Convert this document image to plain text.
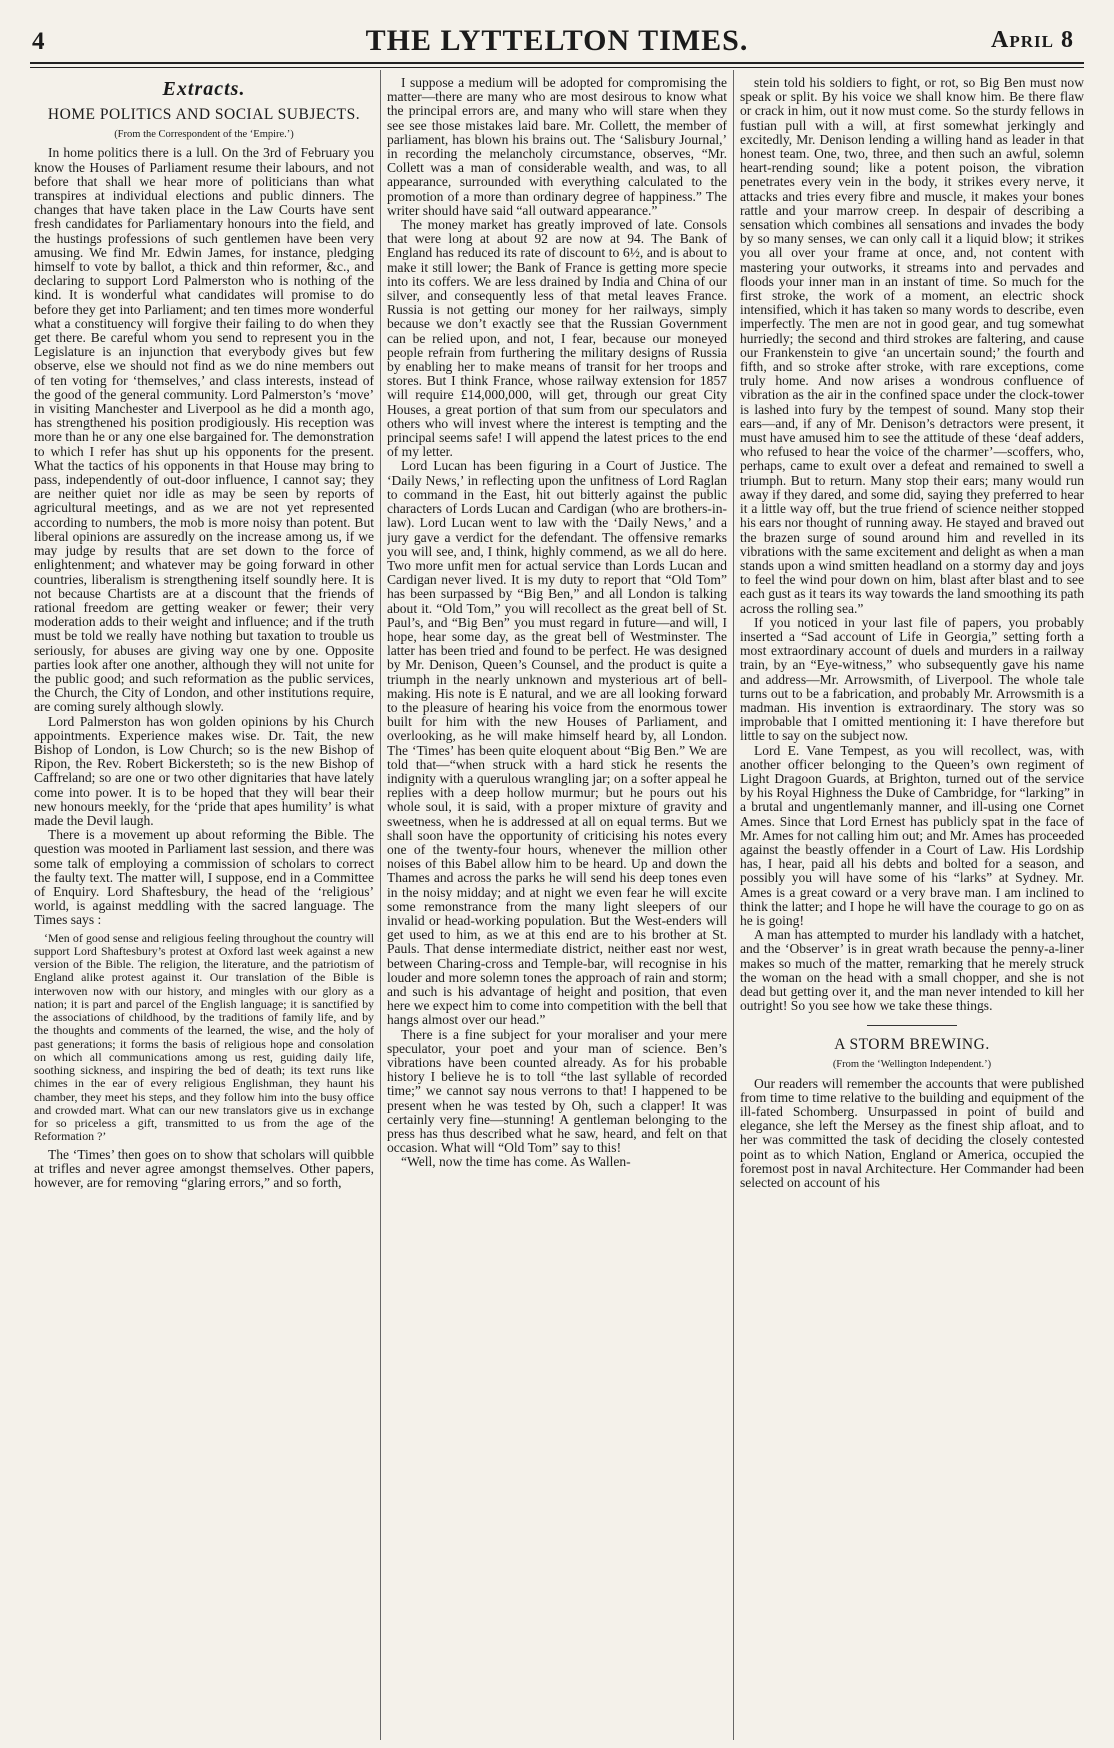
4	THE LYTTELTON TIMES.	April 8
Extracts.

HOME POLITICS AND SOCIAL SUBJECTS.

(From the Correspondent of the ‘Empire.’)

In home politics there is a lull. On the 3rd of February you know the Houses of Parliament resume their labours, and not before that shall we hear more of politicians than what transpires at individual elections and public dinners. The changes that have taken place in the Law Courts have sent fresh candidates for Parliamentary honours into the field, and the hustings professions of such gentlemen have been very amusing. We find Mr. Edwin James, for instance, pledging himself to vote by ballot, a thick and thin reformer, &c., and declaring to support Lord Palmerston who is nothing of the kind. It is wonderful what candidates will promise to do before they get into Parliament; and ten times more wonderful what a constituency will forgive their failing to do when they get there. Be careful whom you send to represent you in the Legislature is an injunction that everybody gives but few observe, else we should not find as we do nine members out of ten voting for ‘themselves,’ and class interests, instead of the good of the general community. Lord Palmerston’s ‘move’ in visiting Manchester and Liverpool as he did a month ago, has strengthened his position prodigiously. His reception was more than he or any one else bargained for. The demonstration to which I refer has shut up his opponents for the present. What the tactics of his opponents in that House may bring to pass, independently of out-door influence, I cannot say; they are neither quiet nor idle as may be seen by reports of agricultural meetings, and as we are not yet represented according to numbers, the mob is more noisy than potent. But liberal opinions are assuredly on the increase among us, if we may judge by results that are set down to the force of enlightenment; and whatever may be going forward in other countries, liberalism is strengthening itself soundly here. It is not because Chartists are at a discount that the friends of rational freedom are getting weaker or fewer; their very moderation adds to their weight and influence; and if the truth must be told we really have nothing but taxation to trouble us seriously, for abuses are giving way one by one. Opposite parties look after one another, although they will not unite for the public good; and such reformation as the public services, the Church, the City of London, and other institutions require, are coming surely although slowly.

Lord Palmerston has won golden opinions by his Church appointments. Experience makes wise. Dr. Tait, the new Bishop of London, is Low Church; so is the new Bishop of Ripon, the Rev. Robert Bickersteth; so is the new Bishop of Caffreland; so are one or two other dignitaries that have lately come into power. It is to be hoped that they will bear their new honours meekly, for the ‘pride that apes humility’ is what made the Devil laugh.

There is a movement up about reforming the Bible. The question was mooted in Parliament last session, and there was some talk of employing a commission of scholars to correct the faulty text. The matter will, I suppose, end in a Committee of Enquiry. Lord Shaftesbury, the head of the ‘religious’ world, is against meddling with the sacred language. The Times says :

‘Men of good sense and religious feeling throughout the country will support Lord Shaftesbury’s protest at Oxford last week against a new version of the Bible. The religion, the literature, and the patriotism of England alike protest against it. Our translation of the Bible is interwoven now with our history, and mingles with our glory as a nation; it is part and parcel of the English language; it is sanctified by the associations of childhood, by the traditions of family life, and by the thoughts and comments of the learned, the wise, and the holy of past generations; it forms the basis of religious hope and consolation on which all communications among us rest, guiding daily life, soothing sickness, and inspiring the bed of death; its text runs like chimes in the ear of every religious Englishman, they haunt his chamber, they meet his steps, and they follow him into the busy office and crowded mart. What can our new translators give us in exchange for so priceless a gift, transmitted to us from the age of the Reformation ?’

The ‘Times’ then goes on to show that scholars will quibble at trifles and never agree amongst themselves. Other papers, however, are for removing “glaring errors,” and so forth,

I suppose a medium will be adopted for compromising the matter—there are many who are most desirous to know what the principal errors are, and many who will stare when they see see those mistakes laid bare. Mr. Collett, the member of parliament, has blown his brains out. The ‘Salisbury Journal,’ in recording the melancholy circumstance, observes, “Mr. Collett was a man of considerable wealth, and was, to all appearance, surrounded with everything calculated to the promotion of a more than ordinary degree of happiness.” The writer should have said “all outward appearance.”

The money market has greatly improved of late. Consols that were long at about 92 are now at 94. The Bank of England has reduced its rate of discount to 6½, and is about to make it still lower; the Bank of France is getting more specie into its coffers. We are less drained by India and China of our silver, and consequently less of that metal leaves France. Russia is not getting our money for her railways, simply because we don’t exactly see that the Russian Government can be relied upon, and not, I fear, because our moneyed people refrain from furthering the military designs of Russia by enabling her to make means of transit for her troops and stores. But I think France, whose railway extension for 1857 will require £14,000,000, will get, through our great City Houses, a great portion of that sum from our speculators and others who will invest where the interest is tempting and the principal seems safe! I will append the latest prices to the end of my letter.

Lord Lucan has been figuring in a Court of Justice. The ‘Daily News,’ in reflecting upon the unfitness of Lord Raglan to command in the East, hit out bitterly against the public characters of Lords Lucan and Cardigan (who are brothers-in-law). Lord Lucan went to law with the ‘Daily News,’ and a jury gave a verdict for the defendant. The offensive remarks you will see, and, I think, highly commend, as we all do here. Two more unfit men for actual service than Lords Lucan and Cardigan never lived. It is my duty to report that “Old Tom” has been surpassed by “Big Ben,” and all London is talking about it. “Old Tom,” you will recollect as the great bell of St. Paul’s, and “Big Ben” you must regard in future—and will, I hope, hear some day, as the great bell of Westminster. The latter has been tried and found to be perfect. He was designed by Mr. Denison, Queen’s Counsel, and the product is quite a triumph in the nearly unknown and mysterious art of bell-making. His note is E natural, and we are all looking forward to the pleasure of hearing his voice from the enormous tower built for him with the new Houses of Parliament, and overlooking, as he will make himself heard by, all London. The ‘Times’ has been quite eloquent about “Big Ben.” We are told that—“when struck with a hard stick he resents the indignity with a querulous wrangling jar; on a softer appeal he replies with a deep hollow murmur; but he pours out his whole soul, it is said, with a proper mixture of gravity and sweetness, when he is addressed at all on equal terms. But we shall soon have the opportunity of criticising his notes every one of the twenty-four hours, whenever the million other noises of this Babel allow him to be heard. Up and down the Thames and across the parks he will send his deep tones even in the noisy midday; and at night we even fear he will excite some remonstrance from the many light sleepers of our invalid or head-working population. But the West-enders will get used to him, as we at this end are to his brother at St. Pauls. That dense intermediate district, neither east nor west, between Charing-cross and Temple-bar, will recognise in his louder and more solemn tones the approach of rain and storm; and such is his advantage of height and position, that even here we expect him to come into competition with the bell that hangs almost over our head.”

There is a fine subject for your moraliser and your mere speculator, your poet and your man of science. Ben’s vibrations have been counted already. As for his probable history I believe he is to toll “the last syllable of recorded time;” we cannot say nous verrons to that! I happened to be present when he was tested by Oh, such a clapper! It was certainly very fine—stunning! A gentleman belonging to the press has thus described what he saw, heard, and felt on that occasion. What will “Old Tom” say to this!

“Well, now the time has come. As Wallen-

stein told his soldiers to fight, or rot, so Big Ben must now speak or split. By his voice we shall know him. Be there flaw or crack in him, out it now must come. So the sturdy fellows in fustian pull with a will, at first somewhat jerkingly and excitedly, Mr. Denison lending a willing hand as leader in that honest team. One, two, three, and then such an awful, solemn heart-rending sound; like a potent poison, the vibration penetrates every vein in the body, it strikes every nerve, it attacks and tries every fibre and muscle, it makes your bones rattle and your marrow creep. In despair of describing a sensation which combines all sensations and invades the body by so many senses, we can only call it a liquid blow; it strikes you all over your frame at once, and, not content with mastering your outworks, it streams into and pervades and floods your inner man in an instant of time. So much for the first stroke, the work of a moment, an electric shock intensified, which it has taken so many words to describe, even imperfectly. The men are not in good gear, and tug somewhat hurriedly; the second and third strokes are faltering, and cause our Frankenstein to give ‘an uncertain sound;’ the fourth and fifth, and so stroke after stroke, with rare exceptions, come truly home. And now arises a wondrous confluence of vibration as the air in the confined space under the clock-tower is lashed into fury by the tempest of sound. Many stop their ears—and, if any of Mr. Denison’s detractors were present, it must have amused him to see the attitude of these ‘deaf adders, who refused to hear the voice of the charmer’—scoffers, who, perhaps, came to exult over a defeat and remained to swell a triumph. But to return. Many stop their ears; many would run away if they dared, and some did, saying they preferred to hear it a little way off, but the true friend of science neither stopped his ears nor thought of running away. He stayed and braved out the brazen surge of sound around him and revelled in its vibrations with the same excitement and delight as when a man stands upon a wind smitten headland on a stormy day and joys to feel the wind pour down on him, blast after blast and to see each gust as it tears its way towards the land smoothing its path across the rolling sea.”

If you noticed in your last file of papers, you probably inserted a “Sad account of Life in Georgia,” setting forth a most extraordinary account of duels and murders in a railway train, by an “Eye-witness,” who subsequently gave his name and address—Mr. Arrowsmith, of Liverpool. The whole tale turns out to be a fabrication, and probably Mr. Arrowsmith is a madman. His invention is extraordinary. The story was so improbable that I omitted mentioning it: I have therefore but little to say on the subject now.

Lord E. Vane Tempest, as you will recollect, was, with another officer belonging to the Queen’s own regiment of Light Dragoon Guards, at Brighton, turned out of the service by his Royal Highness the Duke of Cambridge, for “larking” in a brutal and ungentlemanly manner, and ill-using one Cornet Ames. Since that Lord Ernest has publicly spat in the face of Mr. Ames for not calling him out; and Mr. Ames has proceeded against the beastly offender in a Court of Law. His Lordship has, I hear, paid all his debts and bolted for a season, and possibly you will have some of his “larks” at Sydney. Mr. Ames is a great coward or a very brave man. I am inclined to think the latter; and I hope he will have the courage to go on as he is going!

A man has attempted to murder his landlady with a hatchet, and the ‘Observer’ is in great wrath because the penny-a-liner makes so much of the matter, remarking that he merely struck the woman on the head with a small chopper, and she is not dead but getting over it, and the man never intended to kill her outright! So you see how we take these things.

A STORM BREWING.

(From the ‘Wellington Independent.’)

Our readers will remember the accounts that were published from time to time relative to the building and equipment of the ill-fated Schomberg. Unsurpassed in point of build and elegance, she left the Mersey as the finest ship afloat, and to her was committed the task of deciding the closely contested point as to which Nation, England or America, occupied the foremost post in naval Architecture. Her Commander had been selected on account of his
